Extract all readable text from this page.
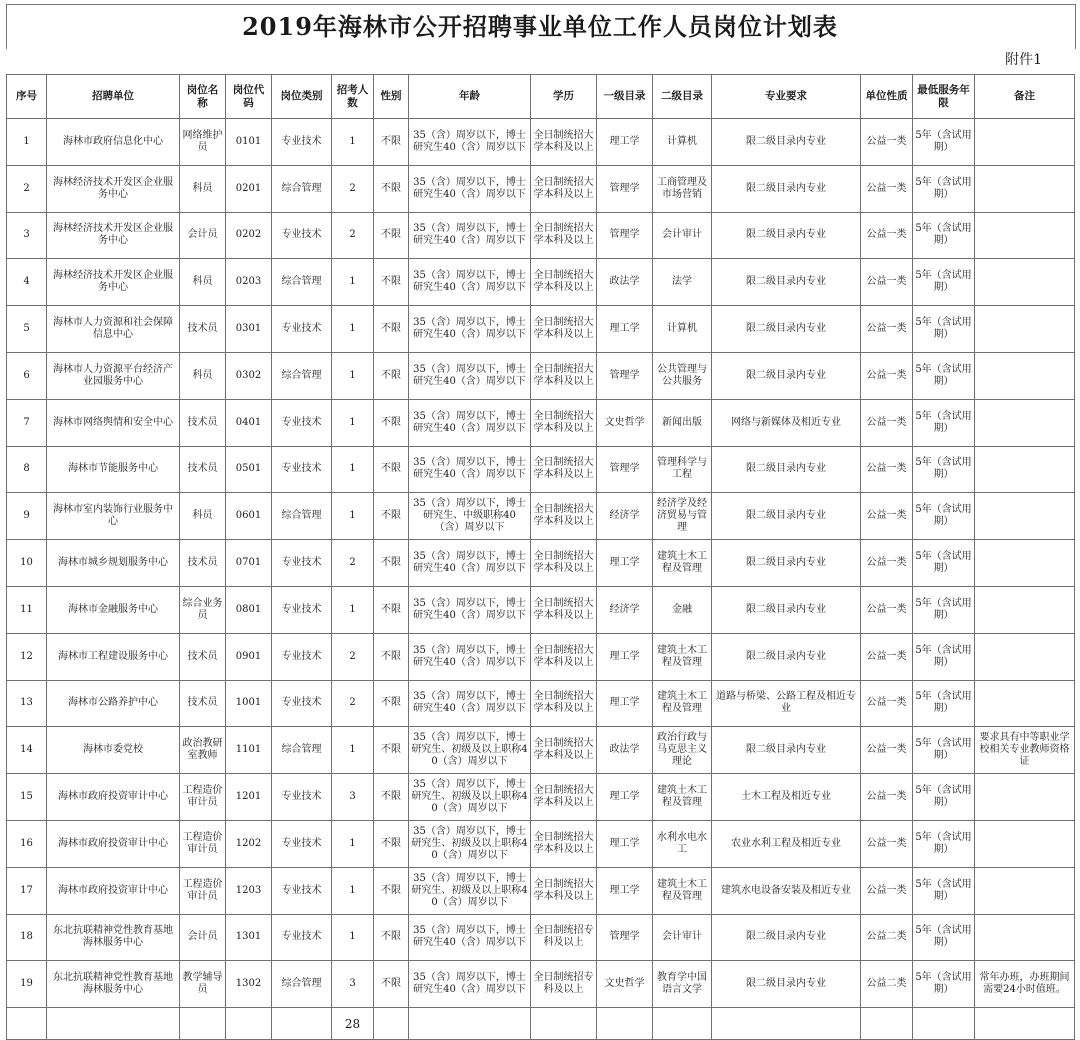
2019年海林市公开招聘事业单位工作人员岗位计划表
附件1
序号	招聘单位	岗位名称	岗位代码	岗位类别	招考人数	性别	年龄	学历	一级目录	二级目录	专业要求	单位性质	最低服务年限	备注
1	海林市政府信息化中心	网络维护员	0101	专业技术	1	不限	35（含）周岁以下，博士研究生40（含）周岁以下	全日制统招大学本科及以上	理工学	计算机	限二级目录内专业	公益一类	5年（含试用期）	
2	海林经济技术开发区企业服务中心	科员	0201	综合管理	2	不限	35（含）周岁以下，博士研究生40（含）周岁以下	全日制统招大学本科及以上	管理学	工商管理及市场营销	限二级目录内专业	公益一类	5年（含试用期）	
3	海林经济技术开发区企业服务中心	会计员	0202	专业技术	2	不限	35（含）周岁以下，博士研究生40（含）周岁以下	全日制统招大学本科及以上	管理学	会计审计	限二级目录内专业	公益一类	5年（含试用期）	
4	海林经济技术开发区企业服务中心	科员	0203	综合管理	1	不限	35（含）周岁以下，博士研究生40（含）周岁以下	全日制统招大学本科及以上	政法学	法学	限二级目录内专业	公益一类	5年（含试用期）	
5	海林市人力资源和社会保障信息中心	技术员	0301	专业技术	1	不限	35（含）周岁以下，博士研究生40（含）周岁以下	全日制统招大学本科及以上	理工学	计算机	限二级目录内专业	公益一类	5年（含试用期）	
6	海林市人力资源平台经济产业园服务中心	科员	0302	综合管理	1	不限	35（含）周岁以下，博士研究生40（含）周岁以下	全日制统招大学本科及以上	管理学	公共管理与公共服务	限二级目录内专业	公益一类	5年（含试用期）	
7	海林市网络舆情和安全中心	技术员	0401	专业技术	1	不限	35（含）周岁以下，博士研究生40（含）周岁以下	全日制统招大学本科及以上	文史哲学	新闻出版	网络与新媒体及相近专业	公益一类	5年（含试用期）	
8	海林市节能服务中心	技术员	0501	专业技术	1	不限	35（含）周岁以下，博士研究生40（含）周岁以下	全日制统招大学本科及以上	管理学	管理科学与工程	限二级目录内专业	公益一类	5年（含试用期）	
9	海林市室内装饰行业服务中心	科员	0601	综合管理	1	不限	35（含）周岁以下，博士研究生、中级职称40（含）周岁以下	全日制统招大学本科及以上	经济学	经济学及经济贸易与管理	限二级目录内专业	公益一类	5年（含试用期）	
10	海林市城乡规划服务中心	技术员	0701	专业技术	2	不限	35（含）周岁以下，博士研究生40（含）周岁以下	全日制统招大学本科及以上	理工学	建筑土木工程及管理	限二级目录内专业	公益一类	5年（含试用期）	
11	海林市金融服务中心	综合业务员	0801	专业技术	1	不限	35（含）周岁以下，博士研究生40（含）周岁以下	全日制统招大学本科及以上	经济学	金融	限二级目录内专业	公益一类	5年（含试用期）	
12	海林市工程建设服务中心	技术员	0901	专业技术	2	不限	35（含）周岁以下，博士研究生40（含）周岁以下	全日制统招大学本科及以上	理工学	建筑土木工程及管理	限二级目录内专业	公益一类	5年（含试用期）	
13	海林市公路养护中心	技术员	1001	专业技术	2	不限	35（含）周岁以下，博士研究生40（含）周岁以下	全日制统招大学本科及以上	理工学	建筑土木工程及管理	道路与桥梁、公路工程及相近专业	公益一类	5年（含试用期）	
14	海林市委党校	政治教研室教师	1101	综合管理	1	不限	35（含）周岁以下，博士研究生、初级及以上职称40（含）周岁以下	全日制统招大学本科及以上	政法学	政治行政与马克思主义理论	限二级目录内专业	公益一类	5年（含试用期）	要求具有中等职业学校相关专业教师资格证
15	海林市政府投资审计中心	工程造价审计员	1201	专业技术	3	不限	35（含）周岁以下，博士研究生、初级及以上职称40（含）周岁以下	全日制统招大学本科及以上	理工学	建筑土木工程及管理	土木工程及相近专业	公益一类	5年（含试用期）	
16	海林市政府投资审计中心	工程造价审计员	1202	专业技术	1	不限	35（含）周岁以下，博士研究生、初级及以上职称40（含）周岁以下	全日制统招大学本科及以上	理工学	水利水电水工	农业水利工程及相近专业	公益一类	5年（含试用期）	
17	海林市政府投资审计中心	工程造价审计员	1203	专业技术	1	不限	35（含）周岁以下，博士研究生、初级及以上职称40（含）周岁以下	全日制统招大学本科及以上	理工学	建筑土木工程及管理	建筑水电设备安装及相近专业	公益一类	5年（含试用期）	
18	东北抗联精神党性教育基地海林服务中心	会计员	1301	专业技术	1	不限	35（含）周岁以下，博士研究生40（含）周岁以下	全日制统招专科及以上	管理学	会计审计	限二级目录内专业	公益二类	5年（含试用期）	
19	东北抗联精神党性教育基地海林服务中心	教学辅导员	1302	综合管理	3	不限	35（含）周岁以下，博士研究生40（含）周岁以下	全日制统招专科及以上	文史哲学	教育学中国语言文学	限二级目录内专业	公益二类	5年（含试用期）	常年办班，办班期间需要24小时值班。
					28									
